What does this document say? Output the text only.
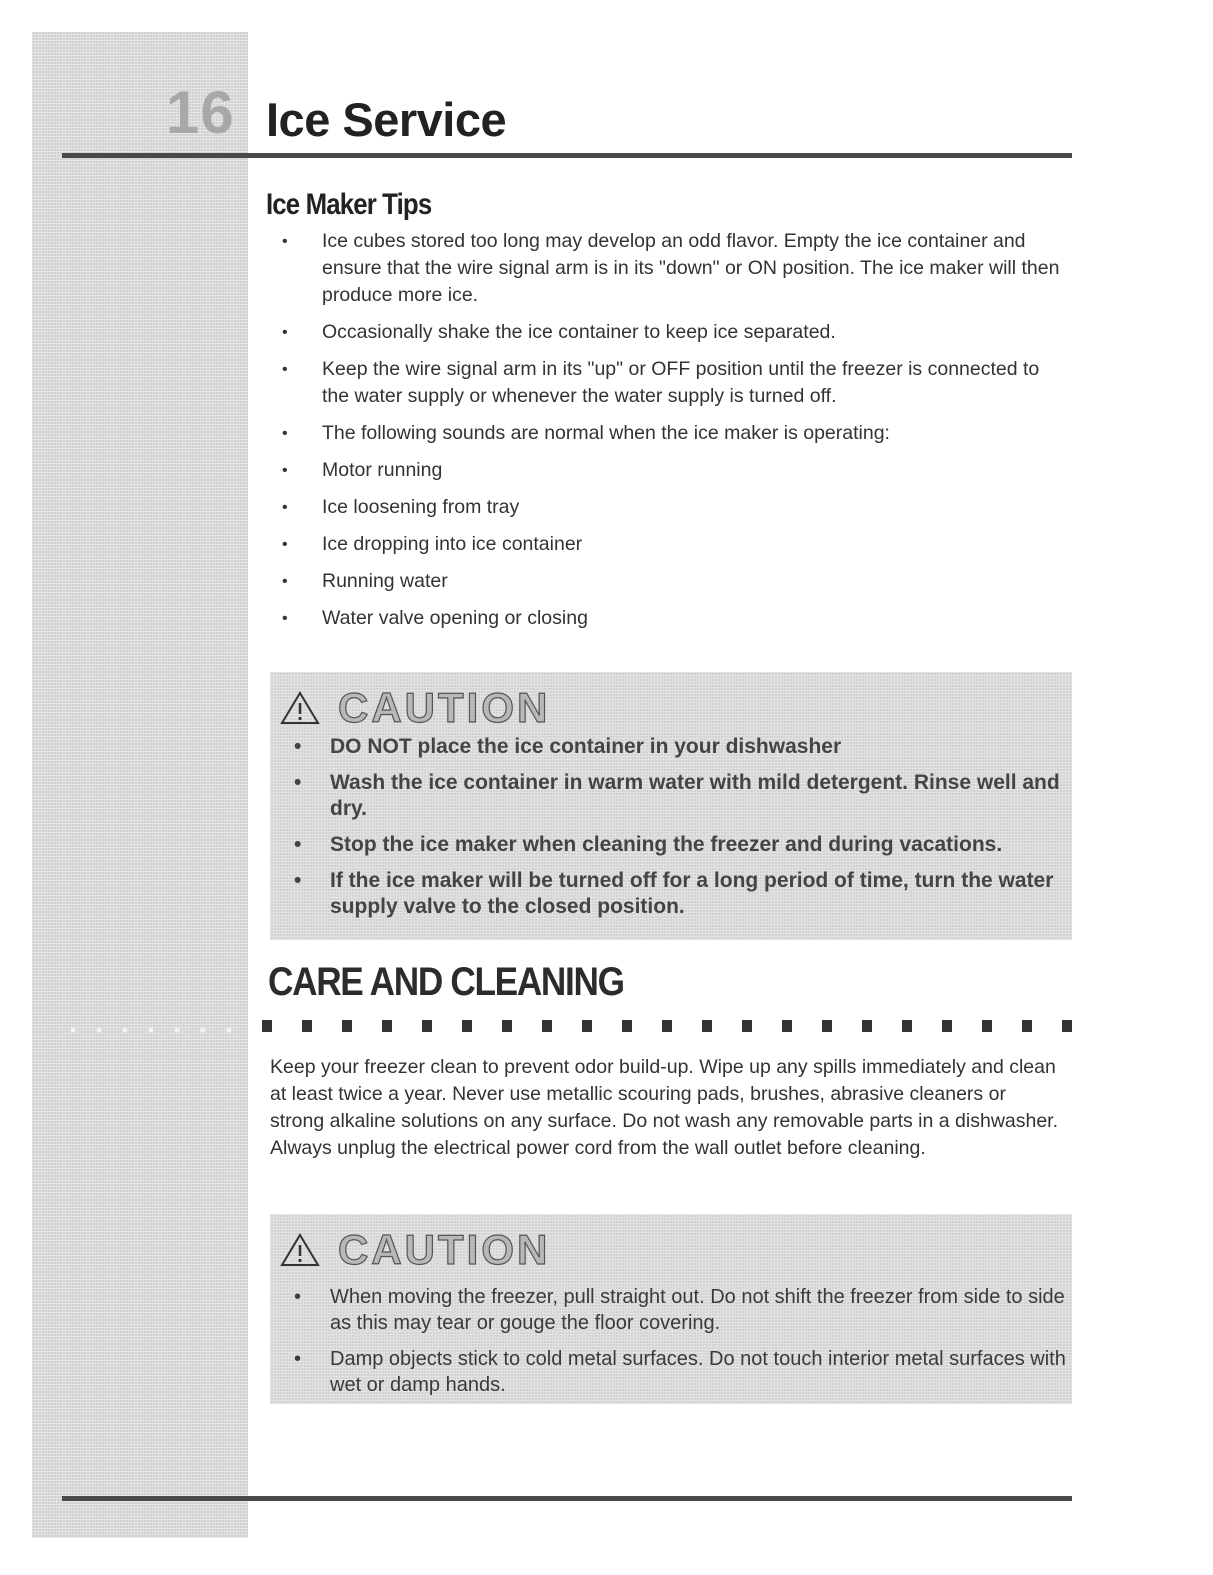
16 Ice Service
Ice Maker Tips
• Ice cubes stored too long may develop an odd flavor. Empty the ice container and ensure that the wire signal arm is in its "down" or ON position. The ice maker will then produce more ice.
• Occasionally shake the ice container to keep ice separated.
• Keep the wire signal arm in its "up" or OFF position until the freezer is connected to the water supply or whenever the water supply is turned off.
• The following sounds are normal when the ice maker is operating:
• Motor running
• Ice loosening from tray
• Ice dropping into ice container
• Running water
• Water valve opening or closing
CAUTION
• DO NOT place the ice container in your dishwasher
• Wash the ice container in warm water with mild detergent. Rinse well and dry.
• Stop the ice maker when cleaning the freezer and during vacations.
• If the ice maker will be turned off for a long period of time, turn the water supply valve to the closed position.
CARE AND CLEANING
Keep your freezer clean to prevent odor build-up. Wipe up any spills immediately and clean at least twice a year. Never use metallic scouring pads, brushes, abrasive cleaners or strong alkaline solutions on any surface. Do not wash any removable parts in a dishwasher. Always unplug the electrical power cord from the wall outlet before cleaning.
CAUTION
• When moving the freezer, pull straight out. Do not shift the freezer from side to side as this may tear or gouge the floor covering.
• Damp objects stick to cold metal surfaces. Do not touch interior metal surfaces with wet or damp hands.
